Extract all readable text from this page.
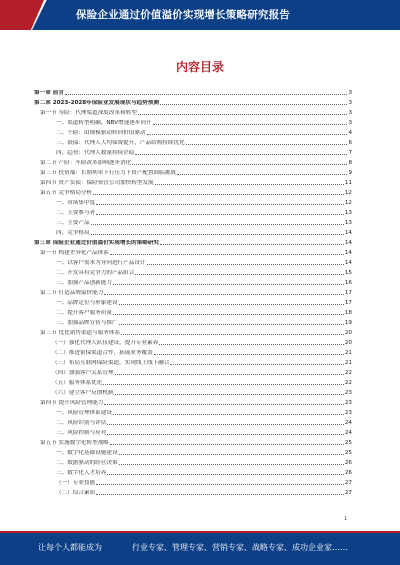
保险企业通过价值溢价实现增长策略研究报告
内容目录
第一章 前言	3
第二章 2023-2028年保险业发展现状与趋势预测	3
第一节 寿险：代理渠道深度改革和转型	3
一、渠道转型明确，NBV增速逐步回升	3
二、个险：由规模驱动转向价值驱动	4
三、银保：代理人人均保费提升，产品结构持续优化	6
四、趋势：代理人数量持续企稳	7
第二节 产险：车险改革影响逐步消化	8
第三节 投资端：长期利率下行压力下资产配置面临挑战	9
第四节 资产负债：保险资管公司加快转型发展	11
第五节 竞争格局分析	12
一、市场集中度	12
二、主要参与者	13
三、主要产品	13
四、竞争格局	14
第三章 保险企业通过价值溢价实现增长的策略研究	14
第一节 构建差异化产品体系	14
一、以客户需求为导向进行产品设计	14
二、开发具有竞争力的产品组合	15
三、加强产品创新能力	16
第二节 打造品牌溢价能力	17
一、品牌定位与形象建设	17
二、提升客户服务质量	18
三、加强品牌宣传与推广	19
第三节 优化销售渠道与服务体系	20
（一）强化代理人队伍建设，提升专业素养	20
（二）推进银保渠道合作，拓展业务覆盖	21
（三）布局互联网保险渠道，实现线上线下融合	21
（四）加强客户关系管理	22
（五）服务体系优化	22
（六）建立客户反馈机制	23
第四节 提升风险管理能力	23
一、风险管理体系建设	23
二、风险识别与评估	24
三、风险控制与应对	24
第五节 实施数字化转型战略	25
一、数字化基础设施建设	25
二、数据驱动的经营决策	26
三、数字化人才培养	26
（一）专业技能	27
（二）综合素质	27
1
让每个人都能成为	行业专家、管理专家、营销专家、战略专家、成功企业家……
